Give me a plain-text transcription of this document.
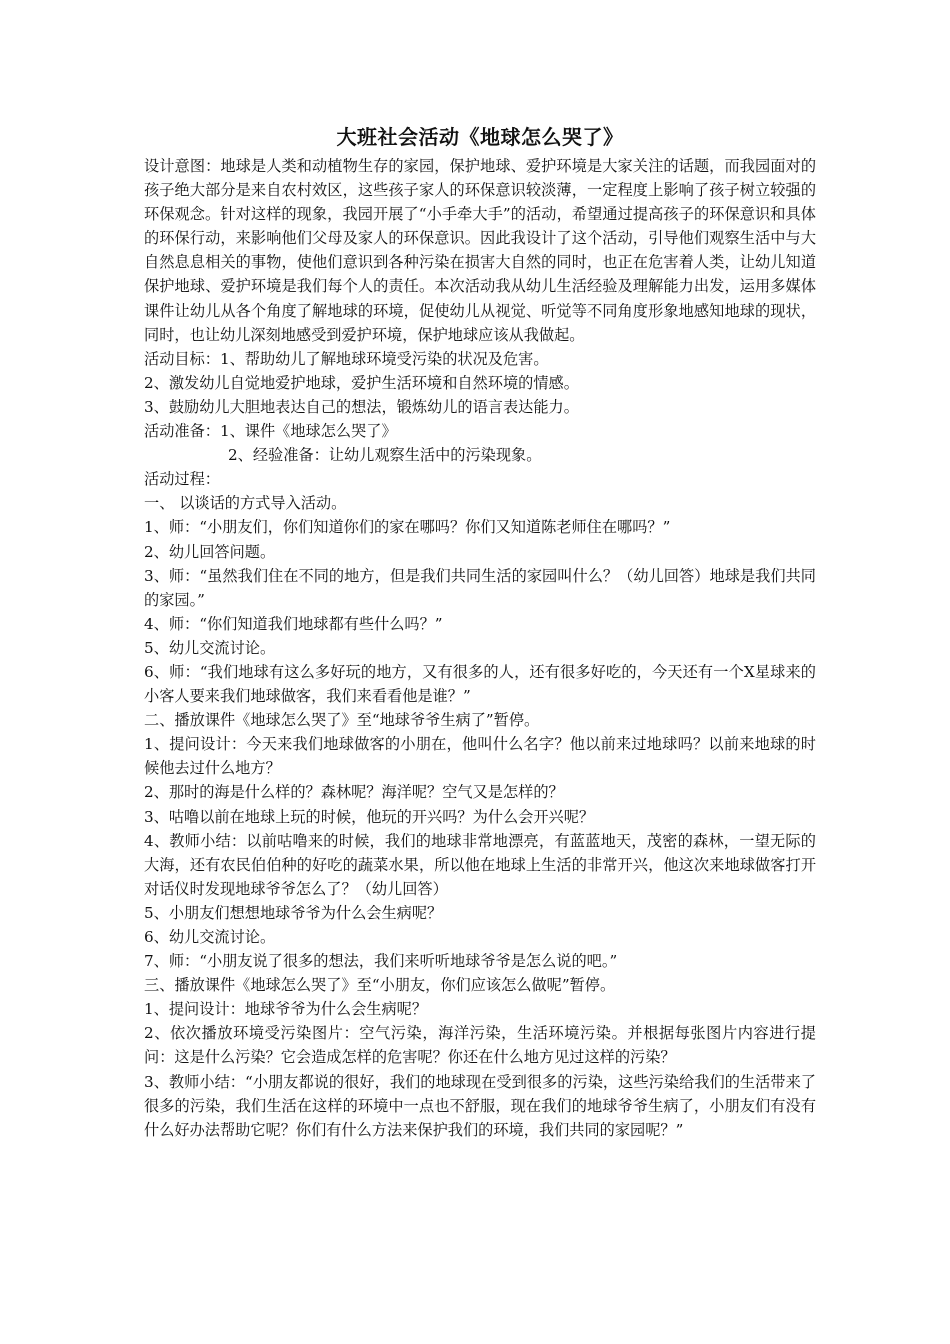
大班社会活动《地球怎么哭了》

设计意图：地球是人类和动植物生存的家园，保护地球、爱护环境是大家关注的话题，而我园面对的孩子绝大部分是来自农村效区，这些孩子家人的环保意识较淡薄，一定程度上影响了孩子树立较强的环保观念。针对这样的现象，我园开展了“小手牵大手”的活动，希望通过提高孩子的环保意识和具体的环保行动，来影响他们父母及家人的环保意识。因此我设计了这个活动，引导他们观察生活中与大自然息息相关的事物，使他们意识到各种污染在损害大自然的同时，也正在危害着人类，让幼儿知道保护地球、爱护环境是我们每个人的责任。本次活动我从幼儿生活经验及理解能力出发，运用多媒体课件让幼儿从各个角度了解地球的环境，促使幼儿从视觉、听觉等不同角度形象地感知地球的现状，同时，也让幼儿深刻地感受到爱护环境，保护地球应该从我做起。

活动目标：1、帮助幼儿了解地球环境受污染的状况及危害。

2、激发幼儿自觉地爱护地球，爱护生活环境和自然环境的情感。

3、鼓励幼儿大胆地表达自己的想法，锻炼幼儿的语言表达能力。

活动准备：1、课件《地球怎么哭了》

2、经验准备：让幼儿观察生活中的污染现象。

活动过程：

一、 以谈话的方式导入活动。

1、师：“小朋友们，你们知道你们的家在哪吗？你们又知道陈老师住在哪吗？”

2、幼儿回答问题。

3、师：“虽然我们住在不同的地方，但是我们共同生活的家园叫什么？（幼儿回答）地球是我们共同的家园。”

4、师：“你们知道我们地球都有些什么吗？”

5、幼儿交流讨论。

6、师：“我们地球有这么多好玩的地方，又有很多的人，还有很多好吃的，今天还有一个X星球来的小客人要来我们地球做客，我们来看看他是谁？”

二、播放课件《地球怎么哭了》至“地球爷爷生病了”暂停。

1、提问设计：今天来我们地球做客的小朋在，他叫什么名字？他以前来过地球吗？以前来地球的时候他去过什么地方？

2、那时的海是什么样的？森林呢？海洋呢？空气又是怎样的？

3、咕噜以前在地球上玩的时候，他玩的开兴吗？为什么会开兴呢？

4、教师小结：以前咕噜来的时候，我们的地球非常地漂亮，有蓝蓝地天，茂密的森林，一望无际的大海，还有农民伯伯种的好吃的蔬菜水果，所以他在地球上生活的非常开兴，他这次来地球做客打开对话仪时发现地球爷爷怎么了？（幼儿回答）

5、小朋友们想想地球爷爷为什么会生病呢？

6、幼儿交流讨论。

7、师：“小朋友说了很多的想法，我们来听听地球爷爷是怎么说的吧。”

三、播放课件《地球怎么哭了》至“小朋友，你们应该怎么做呢”暂停。

1、提问设计：地球爷爷为什么会生病呢？

2、依次播放环境受污染图片：空气污染，海洋污染，生活环境污染。并根据每张图片内容进行提问：这是什么污染？它会造成怎样的危害呢？你还在什么地方见过这样的污染？

3、教师小结：“小朋友都说的很好，我们的地球现在受到很多的污染，这些污染给我们的生活带来了很多的污染，我们生活在这样的环境中一点也不舒服，现在我们的地球爷爷生病了，小朋友们有没有什么好办法帮助它呢？你们有什么方法来保护我们的环境，我们共同的家园呢？”
